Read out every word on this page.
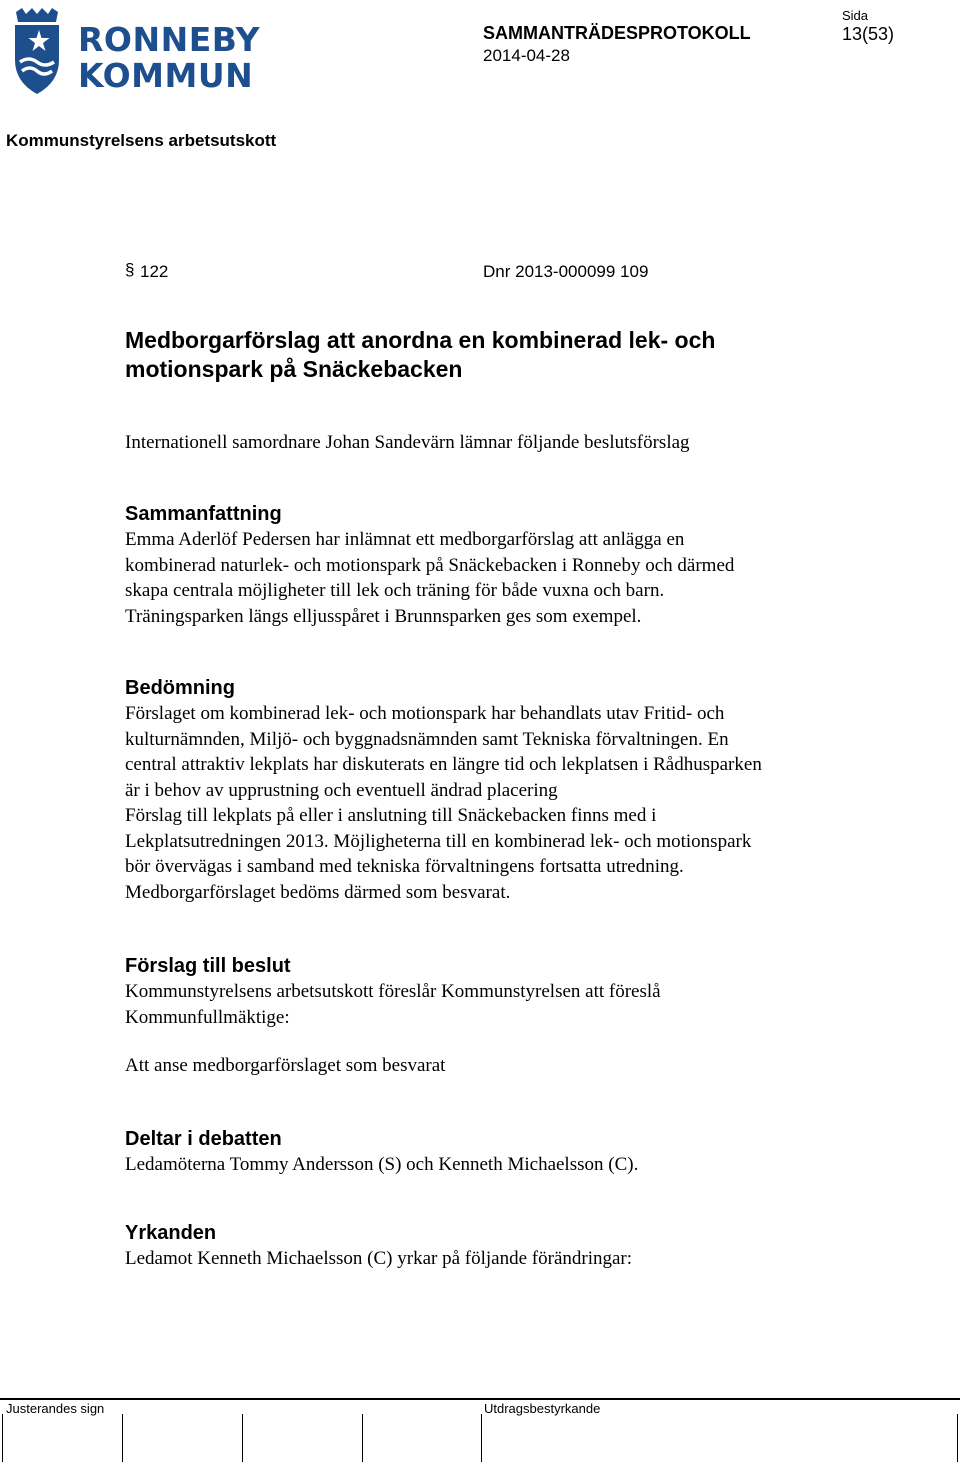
RONNEBY
KOMMUN
SAMMANTRÄDESPROTOKOLL
2014-04-28
Sida
13(53)
Kommunstyrelsens arbetsutskott
§ 122	Dnr 2013-000099 109
Medborgarförslag att anordna en kombinerad lek- och
motionspark på Snäckebacken
Internationell samordnare Johan Sandevärn lämnar följande beslutsförslag
Sammanfattning
Emma Aderlöf Pedersen har inlämnat ett medborgarförslag att anlägga en
kombinerad naturlek- och motionspark på Snäckebacken i Ronneby och därmed
skapa centrala möjligheter till lek och träning för både vuxna och barn.
Träningsparken längs elljusspåret i Brunnsparken ges som exempel.
Bedömning
Förslaget om kombinerad lek- och motionspark har behandlats utav Fritid- och
kulturnämnden, Miljö- och byggnadsnämnden samt Tekniska förvaltningen. En
central attraktiv lekplats har diskuterats en längre tid och lekplatsen i Rådhusparken
är i behov av upprustning och eventuell ändrad placering
Förslag till lekplats på eller i anslutning till Snäckebacken finns med i
Lekplatsutredningen 2013. Möjligheterna till en kombinerad lek- och motionspark
bör övervägas i samband med tekniska förvaltningens fortsatta utredning.
Medborgarförslaget bedöms därmed som besvarat.
Förslag till beslut
Kommunstyrelsens arbetsutskott föreslår Kommunstyrelsen att föreslå
Kommunfullmäktige:
Att anse medborgarförslaget som besvarat
Deltar i debatten
Ledamöterna Tommy Andersson (S) och Kenneth Michaelsson (C).
Yrkanden
Ledamot Kenneth Michaelsson (C) yrkar på följande förändringar:
Justerandes sign	Utdragsbestyrkande
